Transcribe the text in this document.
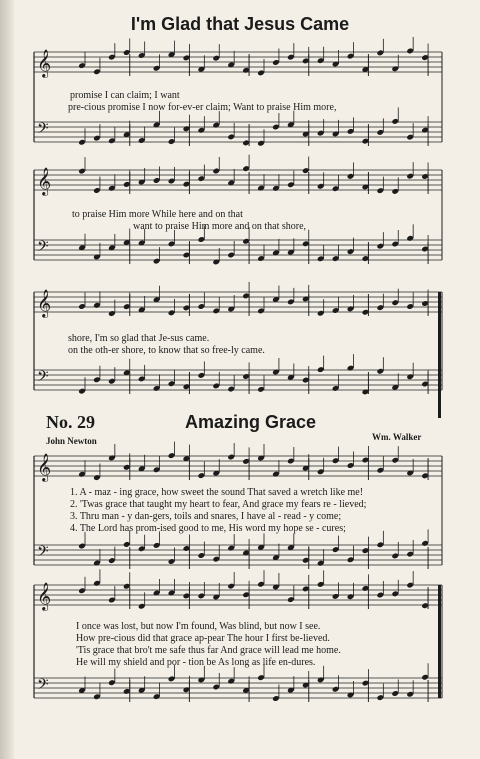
𝄞
𝄢
𝄞
𝄢
𝄞
𝄢
𝄞
𝄢
𝄞
𝄢
I'm Glad that Jesus Came
promise I can claim; I want
pre-cious promise I now for-ev-er claim; Want to praise Him more,
to praise Him more While here and on that
want to praise Him more and on that shore,
shore, I'm so glad that Je-sus came.
on the oth-er shore, to know that so free-ly came.
No. 29	Amazing Grace
John Newton	Wm. Walker
1. A - maz - ing grace, how sweet the sound That saved a wretch like me!
2. 'Twas grace that taught my heart to fear, And grace my fears re - lieved;
3. Thru man - y dan-gers, toils and snares, I have al - read - y come;
4. The Lord has prom-ised good to me, His word my hope se - cures;
I once was lost, but now I'm found, Was blind, but now I see.
How pre-cious did that grace ap-pear The hour I first be-lieved.
'Tis grace that bro't me safe thus far And grace will lead me home.
He will my shield and por - tion be As long as life en-dures.
